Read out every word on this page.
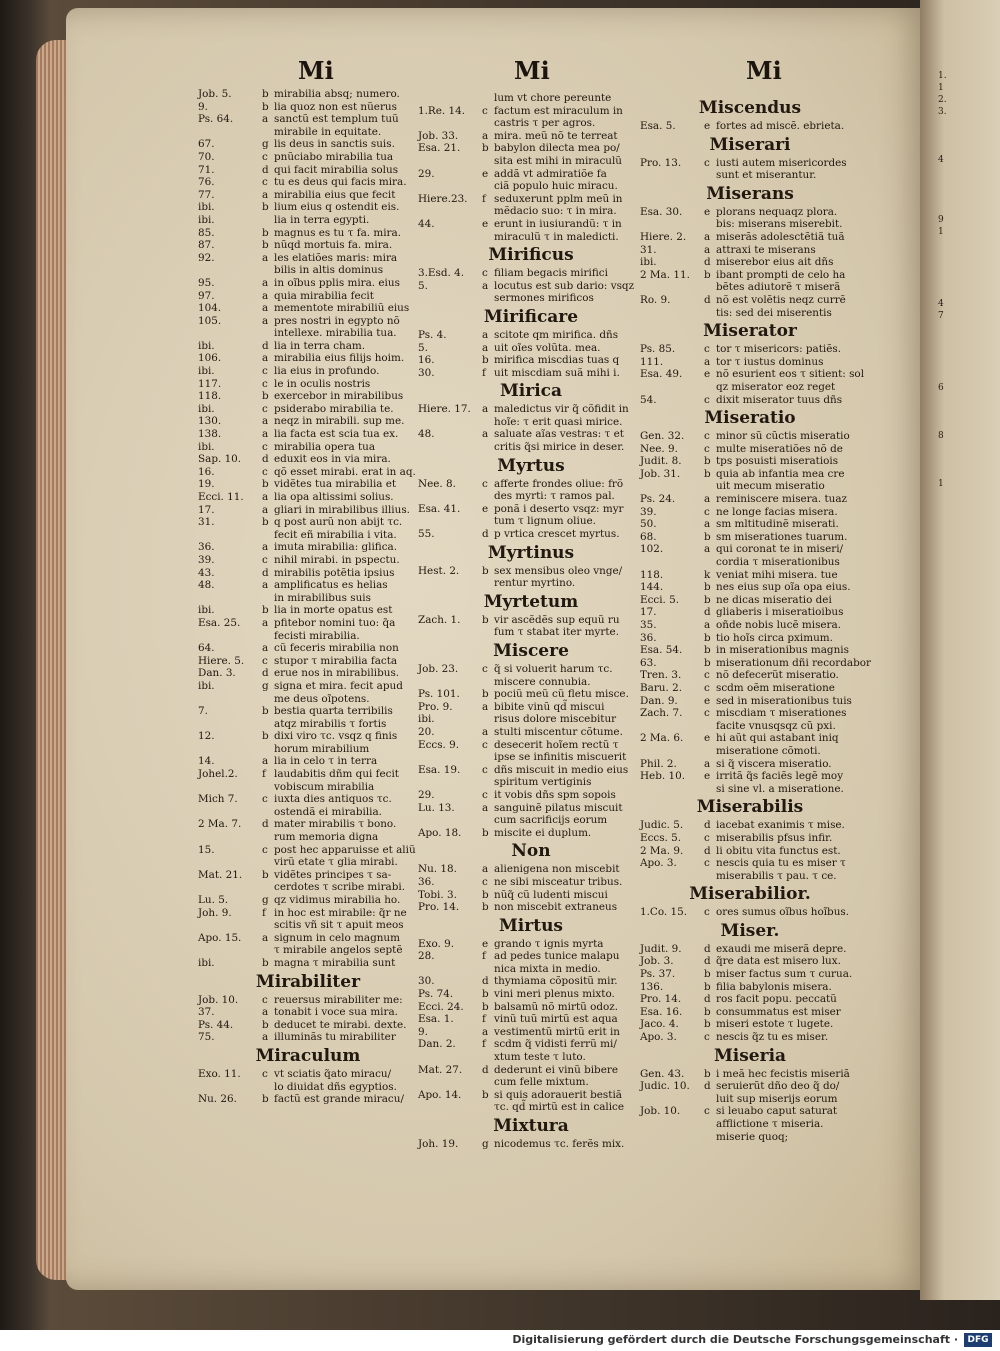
1.
1
2.
3.

4

9
1

4
7

6

8

1
Mi	Mi	Mi
Job. 5.	b mirabilia absq; numero.
9.	b lia quoz non est nũerus
Ps. 64.	a sanctũ est templum tuũ
mirabile in equitate.
67.	g lis deus in sanctis suis.
70.	c pnũciabo mirabilia tua
71.	d qui facit mirabilia solus
76.	c tu es deus qui facis mira.
77.	a mirabilia eius que fecit
ibi.	b lium eius q ostendit eis.
ibi.	lia in terra egypti.
85.	b magnus es tu τ fa. mira.
87.	b nũqd mortuis fa. mira.
92.	a les elatiões maris: mira
bilis in altis dominus
95.	a in oĩbus pplis mira. eius
97.	a quia mirabilia fecit
104.	a mementote mirabiliũ eius
105.	a pres nostri in egypto nõ
intellexe. mirabilia tua.
ibi.	d lia in terra cham.
106.	a mirabilia eius filijs hoim.
ibi.	c lia eius in profundo.
117.	c le in oculis nostris
118.	b exercebor in mirabilibus
ibi.	c psiderabo mirabilia te.
130.	a neqz in mirabili. sup me.
138.	a lia facta est scia tua ex.
ibi.	c mirabilia opera tua
Sap. 10.	d eduxit eos in via mira.
16.	c qõ esset mirabi. erat in aq.
19.	b vidẽtes tua mirabilia et
Ecci. 11.	a lia opa altissimi solius.
17.	a gliari in mirabilibus illius.
31.	b q post aurũ non abijt τc.
fecit eñ mirabilia i vita.
36.	a imuta mirabilia: glifica.
39.	c nihil mirabi. in pspectu.
43.	d mirabilis potẽtia ipsius
48.	a amplificatus es helias
in mirabilibus suis
ibi.	b lia in morte opatus est
Esa. 25.	a pfitebor nomini tuo: q̃a
fecisti mirabilia.
64.	a cũ feceris mirabilia non
Hiere. 5.	c stupor τ mirabilia facta
Dan. 3.	d erue nos in mirabilibus.
ibi.	g signa et mira. fecit apud
me deus oĩpotens.
7.	b bestia quarta terribilis
atqz mirabilis τ fortis
12.	b dixi viro τc. vsqz q finis
horum mirabilium
14.	a lia in celo τ in terra
Johel.2.	f laudabitis dñm qui fecit
vobiscum mirabilia
Mich 7.	c iuxta dies antiquos τc.
ostendã ei mirabilia.
2 Ma. 7.	d mater mirabilis τ bono.
rum memoria digna
15.	c post hec apparuisse et aliũ
virũ etate τ glia mirabi.
Mat. 21.	b vidẽtes principes τ sa-
cerdotes τ scribe mirabi.
Lu. 5.	g qz vidimus mirabilia ho.
Joh. 9.	f in hoc est mirabile: q̃r ne
scitis vñ sit τ apuit meos
Apo. 15.	a signum in celo magnum
τ mirabile angelos septẽ
ibi.	b magna τ mirabilia sunt
Mirabiliter
Job. 10.	c reuersus mirabiliter me:
37.	a tonabit i voce sua mira.
Ps. 44.	b deducet te mirabi. dexte.
75.	a illuminãs tu mirabiliter
Miraculum
Exo. 11.	c vt sciatis q̃ato miracu/
lo diuidat dñs egyptios.
Nu. 26.	b factũ est grande miracu/
lum vt chore pereunte
1.Re. 14.	c factum est miraculum in
castris τ per agros.
Job. 33.	a mira. meũ nõ te terreat
Esa. 21.	b babylon dilecta mea po/
sita est mihi in miraculũ
29.	e addã vt admiratiõe fa
ciã populo huic miracu.
Hiere.23.	f seduxerunt pplm meũ in
mẽdacio suo: τ in mira.
44.	e erunt in iusiurandũ: τ in
miraculũ τ in maledicti.
Mirificus
3.Esd. 4.	c filiam begacis mirifici
5.	a locutus est sub dario: vsqz
sermones mirificos
Mirificare
Ps. 4.	a scitote qm mirifica. dñs
5.	a uit oĩes volũta. mea.
16.	b mirifica miscdias tuas q
30.	f uit miscdiam suã mihi i.
Mirica
Hiere. 17.	a maledictus vir q̃ cõfidit in
hoĩe: τ erit quasi mirice.
48.	a saluate aĩas vestras: τ et
critis q̃si mirice in deser.
Myrtus
Nee. 8.	c afferte frondes oliue: frõ
des myrti: τ ramos pal.
Esa. 41.	e ponã i deserto vsqz: myr
tum τ lignum oliue.
55.	d p vrtica crescet myrtus.
Myrtinus
Hest. 2.	b sex mensibus oleo vnge/
rentur myrtino.
Myrtetum
Zach. 1.	b vir ascẽdẽs sup equũ ru
fum τ stabat iter myrte.
Miscere
Job. 23.	c q̃ si voluerit harum τc.
miscere connubia.
Ps. 101.	b pociũ meũ cũ fletu misce.
Pro. 9.	a bibite vinũ qd̃ miscui
ibi.	risus dolore miscebitur
20.	a stulti miscentur cõtume.
Eccs. 9.	c desecerit hoĩem rectũ τ
ipse se infinitis miscuerit
Esa. 19.	c dñs miscuit in medio eius
spiritum vertiginis
29.	c it vobis dñs spm sopois
Lu. 13.	a sanguinẽ pilatus miscuit
cum sacrificijs eorum
Apo. 18.	b miscite ei duplum.
Non
Nu. 18.	a alienigena non miscebit
36.	c ne sibi misceatur tribus.
Tobi. 3.	b nũq̃ cũ ludenti miscui
Pro. 14.	b non miscebit extraneus
Mirtus
Exo. 9.	e grando τ ignis myrta
28.	f ad pedes tunice malapu
nica mixta in medio.
30.	d thymiama cõpositũ mir.
Ps. 74.	b vini meri plenus mixto.
Ecci. 24.	b balsamũ nõ mirtũ odoz.
Esa. 1.	f vinũ tuũ mirtũ est aqua
9.	a vestimentũ mirtũ erit in
Dan. 2.	f scdm q̃ vidisti ferrũ mi/
xtum teste τ luto.
Mat. 27.	d dederunt ei vinũ bibere
cum felle mixtum.
Apo. 14.	b si quis adorauerit bestiã
τc. qd̃ mirtũ est in calice
Mixtura
Joh. 19.	g nicodemus τc. ferẽs mix.
Miscendus
Esa. 5.	e fortes ad miscẽ. ebrieta.
Miserari
Pro. 13.	c iusti autem misericordes
sunt et miserantur.
Miserans
Esa. 30.	e plorans nequaqz plora.
bis: miserans miserebit.
Hiere. 2.	a miserãs adolesctẽtiã tuã
31.	a attraxi te miserans
ibi.	d miserebor eius ait dñs
2 Ma. 11.	b ibant prompti de celo ha
bẽtes adiutorẽ τ miserã
Ro. 9.	d nõ est volẽtis neqz currẽ
tis: sed dei miserentis
Miserator
Ps. 85.	c tor τ misericors: patiẽs.
111.	a tor τ iustus dominus
Esa. 49.	e nõ esurient eos τ sitient: sol
qz miserator eoz reget
54.	c dixit miserator tuus dñs
Miseratio
Gen. 32.	c minor sũ cũctis miseratio
Nee. 9.	c multe miseratiões nõ de
Judit. 8.	b tps posuisti miseratiois
Job. 31.	b quia ab infantia mea cre
uit mecum miseratio
Ps. 24.	a reminiscere misera. tuaz
39.	c ne longe facias misera.
50.	a sm mltitudinẽ miserati.
68.	b sm miserationes tuarum.
102.	a qui coronat te in miseri/
cordia τ miserationibus
118.	k veniat mihi misera. tue
144.	b nes eius sup oĩa opa eius.
Ecci. 5.	b ne dicas miseratio dei
17.	d gliaberis i miseratioibus
35.	a oñde nobis lucẽ misera.
36.	b tio hoĩs circa pximum.
Esa. 54.	b in miserationibus magnis
63.	b miserationum dñi recordabor
Tren. 3.	c nõ defecerũt miseratio.
Baru. 2.	c scdm oẽm miseratione
Dan. 9.	e sed in miserationibus tuis
Zach. 7.	c miscdiam τ miserationes
facite vnusqsqz cũ pxi.
2 Ma. 6.	e hi aũt qui astabant iniq
miseratione cõmoti.
Phil. 2.	a si q̃ viscera miseratio.
Heb. 10.	e irritã q̃s faciẽs legẽ moy
si sine vl. a miseratione.
Miserabilis
Judic. 5.	d iacebat exanimis τ mise.
Eccs. 5.	c miserabilis pfsus infir.
2 Ma. 9.	d li obitu vita functus est.
Apo. 3.	c nescis quia tu es miser τ
miserabilis τ pau. τ ce.
Miserabilior.
1.Co. 15.	c ores sumus oĩbus hoĩbus.
Miser.
Judit. 9.	d exaudi me miserã depre.
Job. 3.	d q̃re data est misero lux.
Ps. 37.	b miser factus sum τ curua.
136.	b filia babylonis misera.
Pro. 14.	d ros facit popu. peccatũ
Esa. 16.	b consummatus est miser
Jaco. 4.	b miseri estote τ lugete.
Apo. 3.	c nescis q̃z tu es miser.
Miseria
Gen. 43.	b i meã hec fecistis miseriã
Judic. 10.	d seruierũt dño deo q̃ do/
luit sup miserijs eorum
Job. 10.	c si leuabo caput saturat
afflictione τ miseria.
miserie quoq;
Digitalisierung gefördert durch die Deutsche Forschungsgemeinschaft ·	DFG
